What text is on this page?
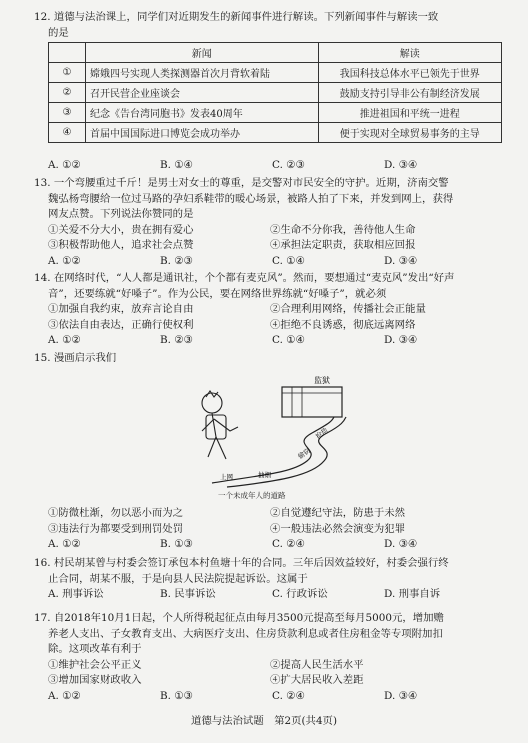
12. 道德与法治课上，同学们对近期发生的新闻事件进行解读。下列新闻事件与解读一致

的是

	新闻	解读
①	嫦娥四号实现人类探测器首次月背软着陆	我国科技总体水平已领先于世界
②	召开民营企业座谈会	鼓励支持引导非公有制经济发展
③	纪念《告台湾同胞书》发表40周年	推进祖国和平统一进程
④	首届中国国际进口博览会成功举办	便于实现对全球贸易事务的主导
A. ①②	B. ①④	C. ②③	D. ③④

13. 一个弯腰重过千斤！是男士对女士的尊重，是交警对市民安全的守护。近期，济南交警

魏弘杨弯腰给一位过马路的孕妇系鞋带的暖心场景，被路人拍了下来，并发到网上，获得

网友点赞。下列说法你赞同的是

①关爱不分大小，贵在拥有爱心	②生命不分你我，善待他人生命
③积极帮助他人，追求社会点赞	④承担法定职责，获取相应回报
A. ①②	B. ②③	C. ①④	D. ③④

14. 在网络时代，“人人都是通讯社，个个都有麦克风”。然而，要想通过“麦克风”发出“好声

音”，还要练就“好嗓子”。作为公民，要在网络世界练就“好嗓子”，就必须

①加强自我约束，放弃言论自由	②合理利用网络，传播社会正能量
③依法自由表达，正确行使权利	④拒绝不良诱惑，彻底远离网络
A. ①②	B. ②③	C. ①④	D. ③④

15. 漫画启示我们

监狱
上网	抽烟
偷窃
抢劫
一个未成年人的道路
①防微杜渐，勿以恶小而为之	②自觉遵纪守法，防患于未然
③违法行为都要受到刑罚处罚	④一般违法必然会演变为犯罪
A. ①②	B. ①③	C. ②④	D. ③④

16. 村民胡某曾与村委会签订承包本村鱼塘十年的合同。三年后因效益较好，村委会强行终

止合同，胡某不服，于是向县人民法院提起诉讼。这属于

A. 刑事诉讼	B. 民事诉讼	C. 行政诉讼	D. 刑事自诉

17. 自2018年10月1日起，个人所得税起征点由每月3500元提高至每月5000元，增加赡

养老人支出、子女教育支出、大病医疗支出、住房贷款利息或者住房租金等专项附加扣

除。这项改革有利于

①维护社会公平正义	②提高人民生活水平
③增加国家财政收入	④扩大居民收入差距
A. ①②	B. ①③	C. ②④	D. ③④
道德与法治试题　第2页(共4页)
